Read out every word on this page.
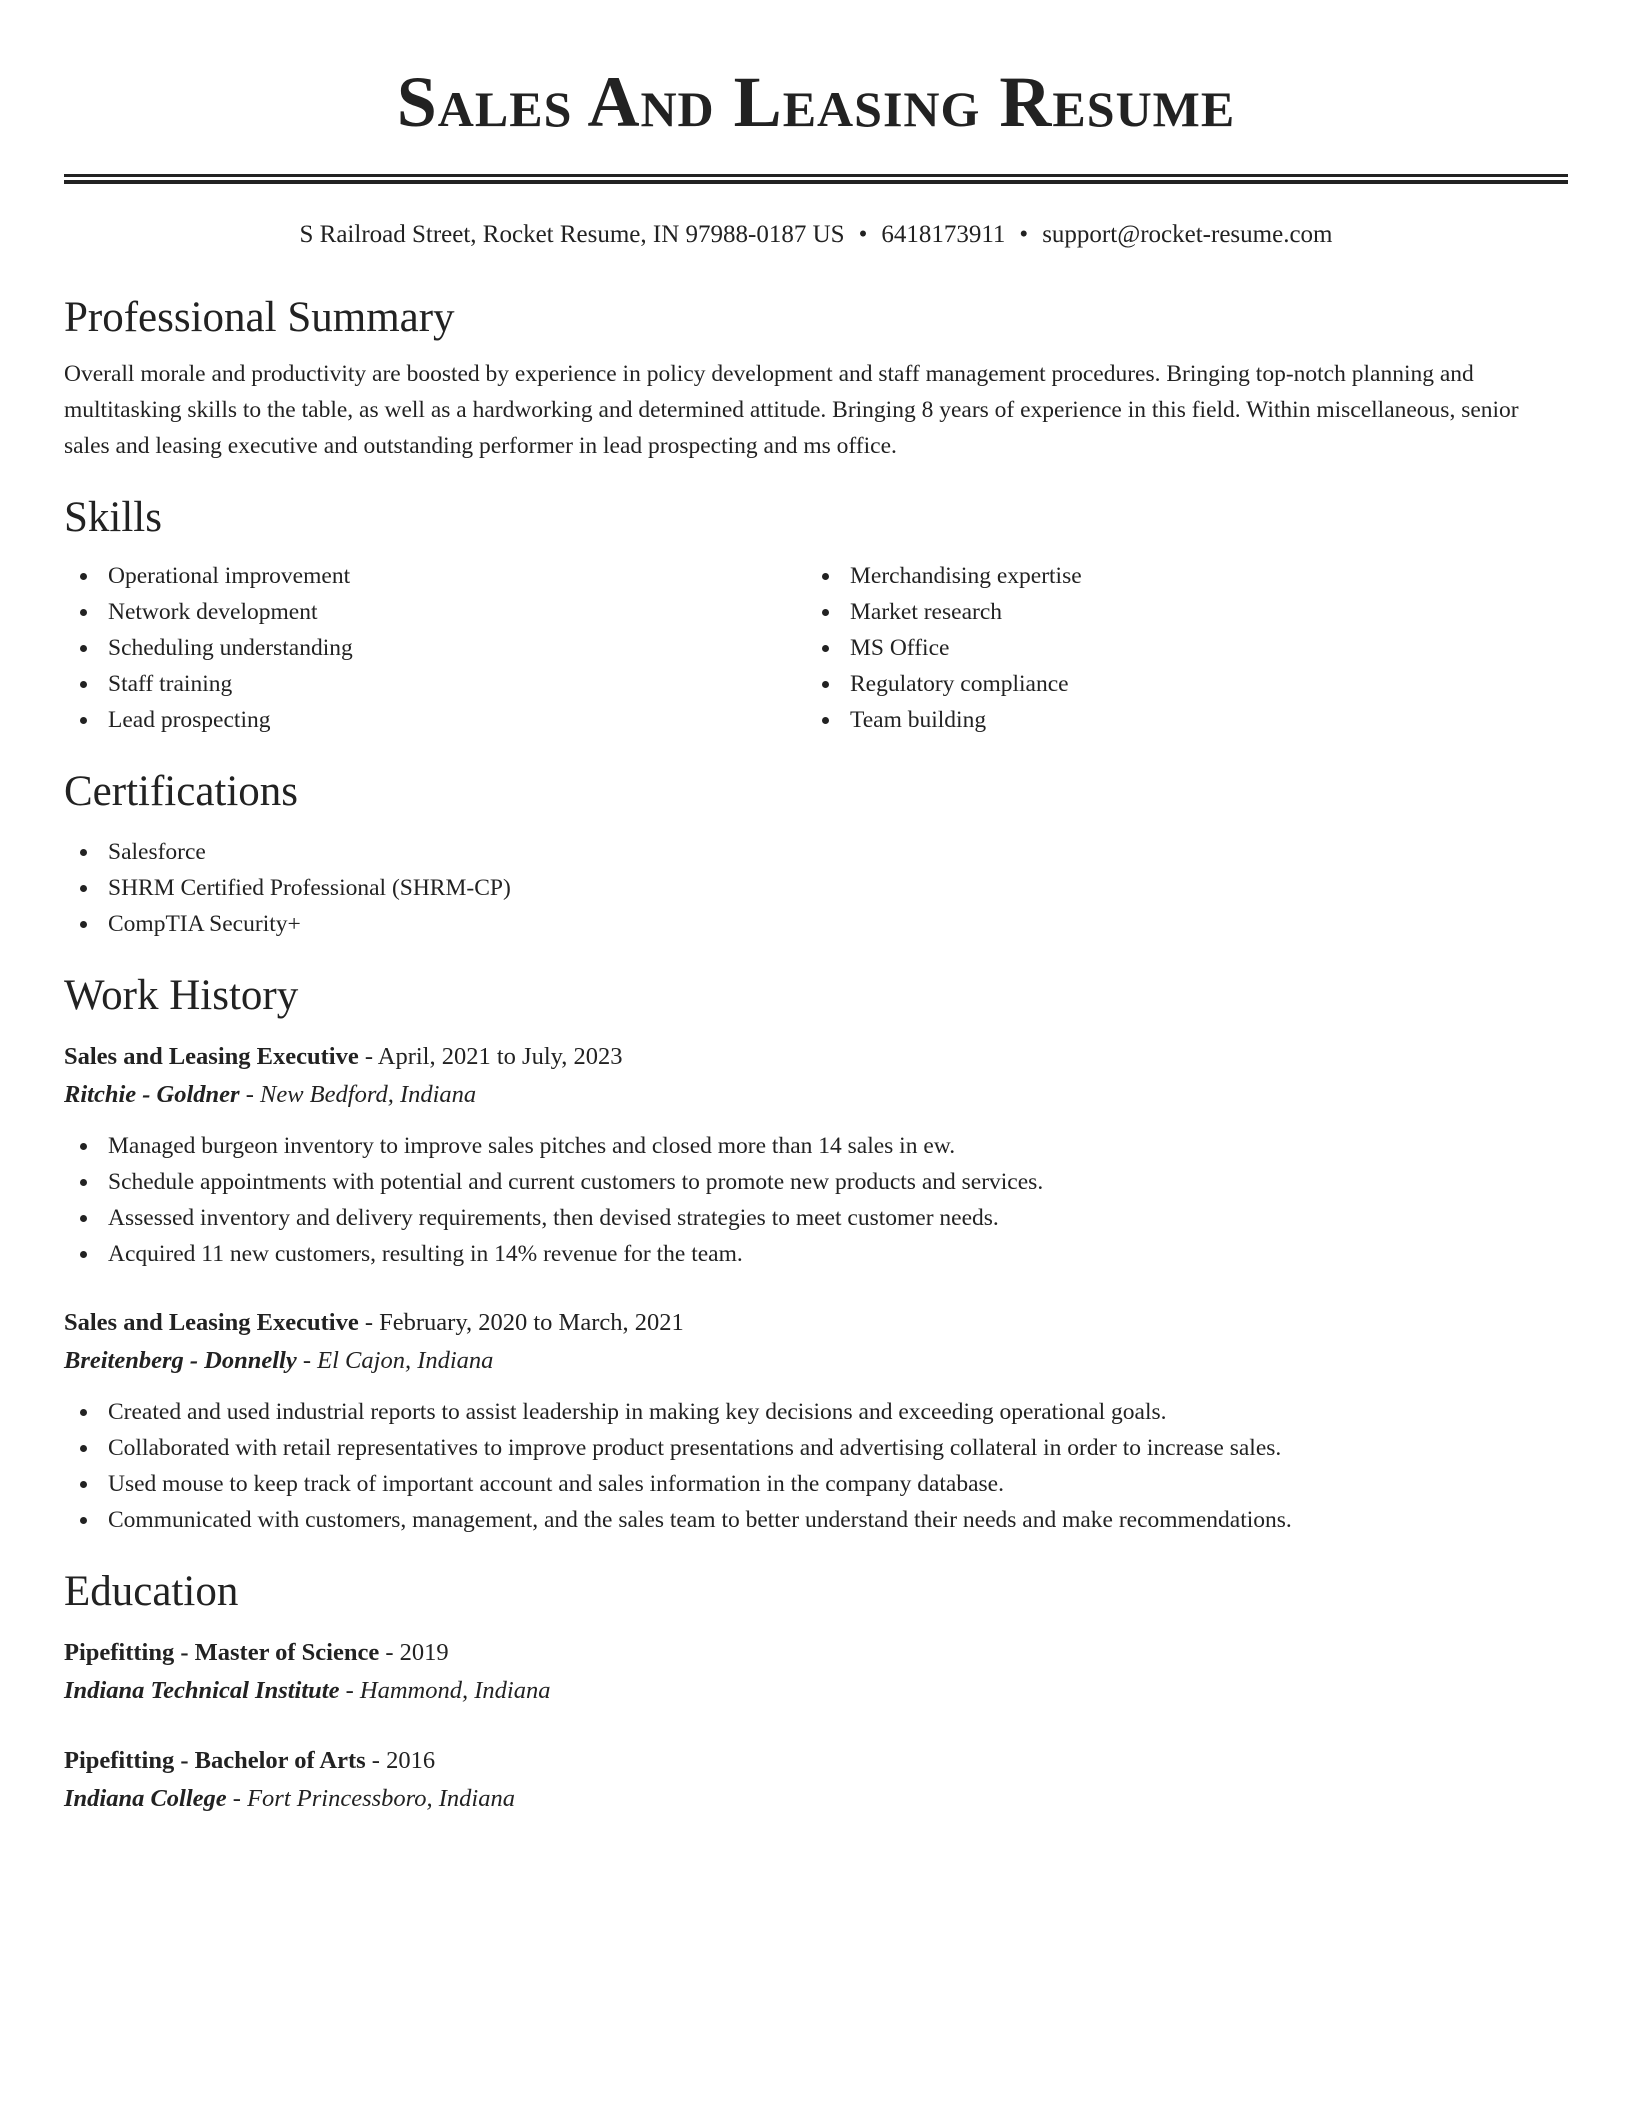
Sales And Leasing Resume
S Railroad Street, Rocket Resume, IN 97988-0187 US • 6418173911 • support@rocket-resume.com
Professional Summary

Overall morale and productivity are boosted by experience in policy development and staff management procedures. Bringing top-notch planning and multitasking skills to the table, as well as a hardworking and determined attitude. Bringing 8 years of experience in this field. Within miscellaneous, senior sales and leasing executive and outstanding performer in lead prospecting and ms office.

Skills
Operational improvement
Network development
Scheduling understanding
Staff training
Lead prospecting
Merchandising expertise
Market research
MS Office
Regulatory compliance
Team building
Certifications
Salesforce
SHRM Certified Professional (SHRM-CP)
CompTIA Security+
Work History
Sales and Leasing Executive - April, 2021 to July, 2023
Ritchie - Goldner - New Bedford, Indiana
Managed burgeon inventory to improve sales pitches and closed more than 14 sales in ew.
Schedule appointments with potential and current customers to promote new products and services.
Assessed inventory and delivery requirements, then devised strategies to meet customer needs.
Acquired 11 new customers, resulting in 14% revenue for the team.
Sales and Leasing Executive - February, 2020 to March, 2021
Breitenberg - Donnelly - El Cajon, Indiana
Created and used industrial reports to assist leadership in making key decisions and exceeding operational goals.
Collaborated with retail representatives to improve product presentations and advertising collateral in order to increase sales.
Used mouse to keep track of important account and sales information in the company database.
Communicated with customers, management, and the sales team to better understand their needs and make recommendations.
Education
Pipefitting - Master of Science - 2019
Indiana Technical Institute - Hammond, Indiana
Pipefitting - Bachelor of Arts - 2016
Indiana College - Fort Princessboro, Indiana
